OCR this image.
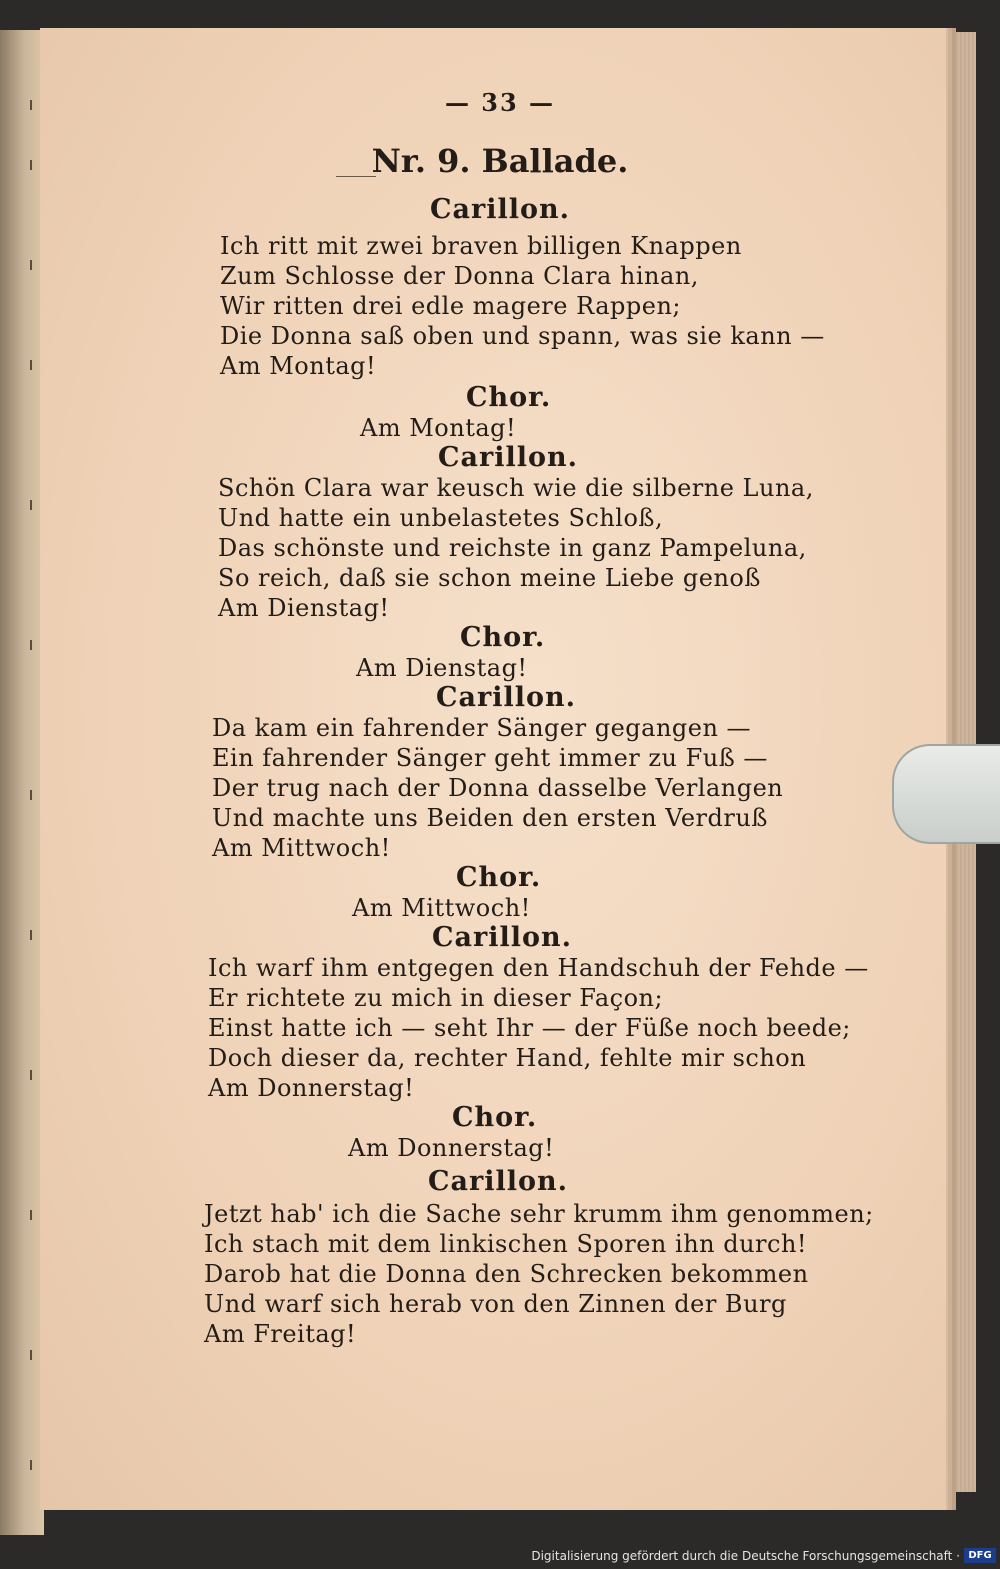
— 33 —
Nr. 9. Ballade.
Carillon.
Ich ritt mit zwei braven billigen Knappen
Zum Schlosse der Donna Clara hinan,
Wir ritten drei edle magere Rappen;
Die Donna saß oben und spann, was sie kann —
Am Montag!
Chor.
Am Montag!
Carillon.
Schön Clara war keusch wie die silberne Luna,
Und hatte ein unbelastetes Schloß,
Das schönste und reichste in ganz Pampeluna,
So reich, daß sie schon meine Liebe genoß
Am Dienstag!
Chor.
Am Dienstag!
Carillon.
Da kam ein fahrender Sänger gegangen —
Ein fahrender Sänger geht immer zu Fuß —
Der trug nach der Donna dasselbe Verlangen
Und machte uns Beiden den ersten Verdruß
Am Mittwoch!
Chor.
Am Mittwoch!
Carillon.
Ich warf ihm entgegen den Handschuh der Fehde —
Er richtete zu mich in dieser Façon;
Einst hatte ich — seht Ihr — der Füße noch beede;
Doch dieser da, rechter Hand, fehlte mir schon
Am Donnerstag!
Chor.
Am Donnerstag!
Carillon.
Jetzt hab' ich die Sache sehr krumm ihm genommen;
Ich stach mit dem linkischen Sporen ihn durch!
Darob hat die Donna den Schrecken bekommen
Und warf sich herab von den Zinnen der Burg
Am Freitag!
Digitalisierung gefördert durch die Deutsche Forschungsgemeinschaft · DFG
